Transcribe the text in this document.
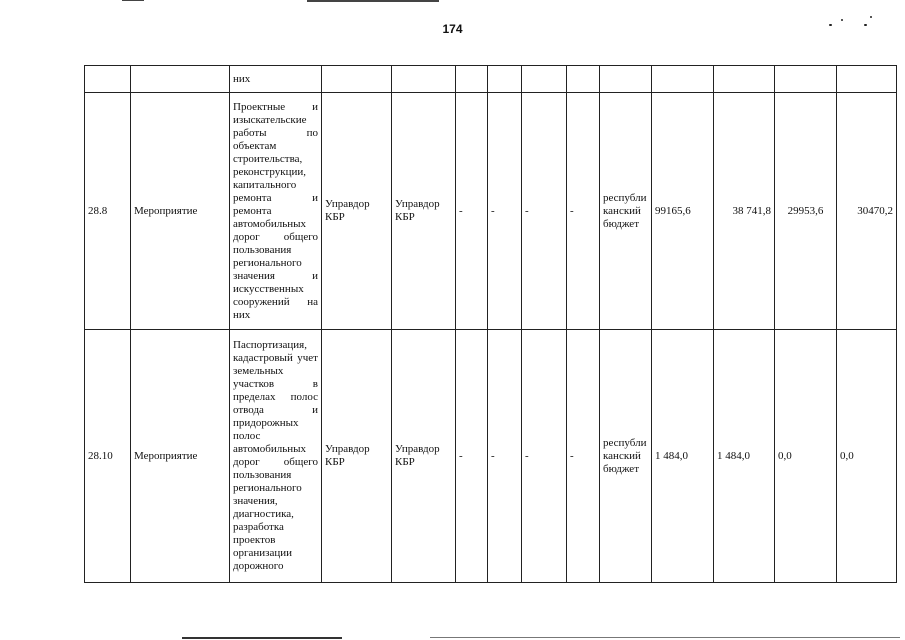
174
		них											
28.8	Мероприятие	Проектные и изыскательские работы по объектам строительства, реконструкции, капитального ремонта и ремонта автомобильных дорог общего пользования регионального значения и искусственных сооружений на них	Управдор КБР	Управдор КБР	-	-	-	-	республиканский бюджет	99165,6	38 741,8	29953,6	30470,2
28.10	Мероприятие	Паспортизация, кадастровый учет земельных участков в пределах полос отвода и придорожных полос автомобильных дорог общего пользования регионального значения, диагностика, разработка проектов организации дорожного	Управдор КБР	Управдор КБР	-	-	-	-	республиканский бюджет	1 484,0	1 484,0	0,0	0,0
